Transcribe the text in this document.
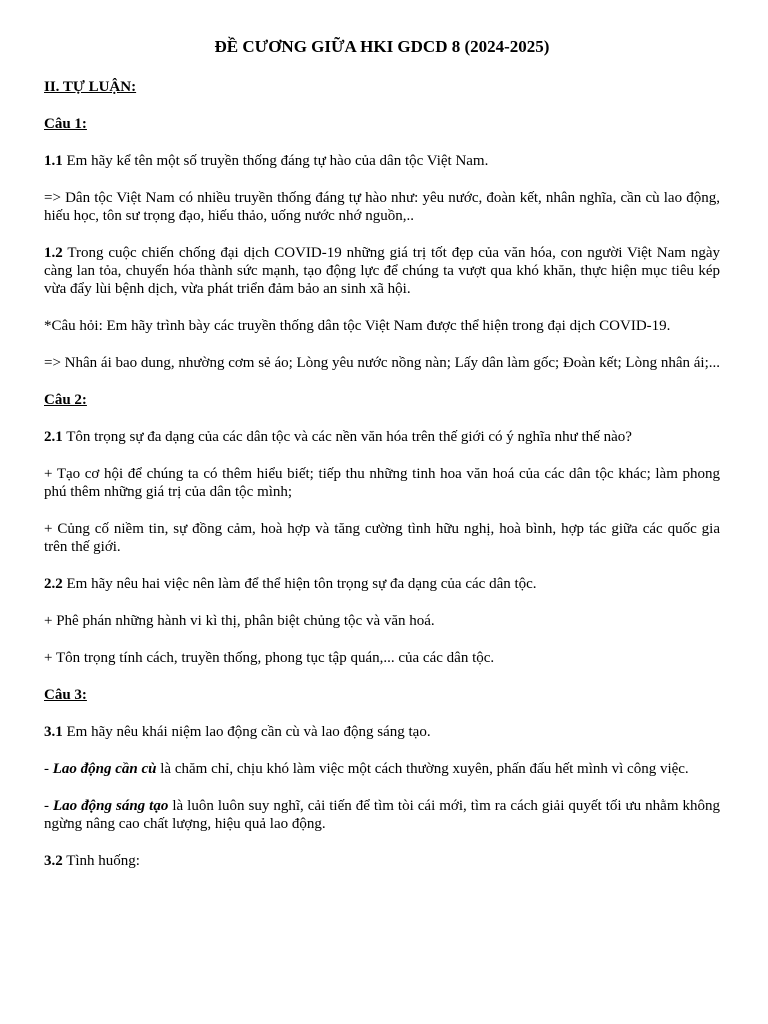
ĐỀ CƯƠNG GIỮA HKI GDCD 8 (2024-2025)
II. TỰ LUẬN:
Câu 1:

1.1 Em hãy kể tên một số truyền thống đáng tự hào của dân tộc Việt Nam.

=> Dân tộc Việt Nam có nhiều truyền thống đáng tự hào như: yêu nước, đoàn kết, nhân nghĩa, cần cù lao động, hiếu học, tôn sư trọng đạo, hiếu thảo, uống nước nhớ nguồn,..

1.2 Trong cuộc chiến chống đại dịch COVID-19 những giá trị tốt đẹp của văn hóa, con người Việt Nam ngày càng lan tỏa, chuyển hóa thành sức mạnh, tạo động lực để chúng ta vượt qua khó khăn, thực hiện mục tiêu kép vừa đẩy lùi bệnh dịch, vừa phát triển đảm bảo an sinh xã hội.

*Câu hỏi: Em hãy trình bày các truyền thống dân tộc Việt Nam được thể hiện trong đại dịch COVID-19.

=> Nhân ái bao dung, nhường cơm sẻ áo; Lòng yêu nước nồng nàn; Lấy dân làm gốc; Đoàn kết; Lòng nhân ái;...

Câu 2:

2.1 Tôn trọng sự đa dạng của các dân tộc và các nền văn hóa trên thế giới có ý nghĩa như thế nào?

+ Tạo cơ hội để chúng ta có thêm hiểu biết; tiếp thu những tinh hoa văn hoá của các dân tộc khác; làm phong phú thêm những giá trị của dân tộc mình;

+ Củng cố niềm tin, sự đồng cảm, hoà hợp và tăng cường tình hữu nghị, hoà bình, hợp tác giữa các quốc gia trên thế giới.

2.2 Em hãy nêu hai việc nên làm để thể hiện tôn trọng sự đa dạng của các dân tộc.

+ Phê phán những hành vi kì thị, phân biệt chủng tộc và văn hoá.

+ Tôn trọng tính cách, truyền thống, phong tục tập quán,... của các dân tộc.

Câu 3:

3.1 Em hãy nêu khái niệm lao động cần cù và lao động sáng tạo.

- Lao động cần cù là chăm chỉ, chịu khó làm việc một cách thường xuyên, phấn đấu hết mình vì công việc.

- Lao động sáng tạo là luôn luôn suy nghĩ, cải tiến để tìm tòi cái mới, tìm ra cách giải quyết tối ưu nhằm không ngừng nâng cao chất lượng, hiệu quả lao động.

3.2 Tình huống:
